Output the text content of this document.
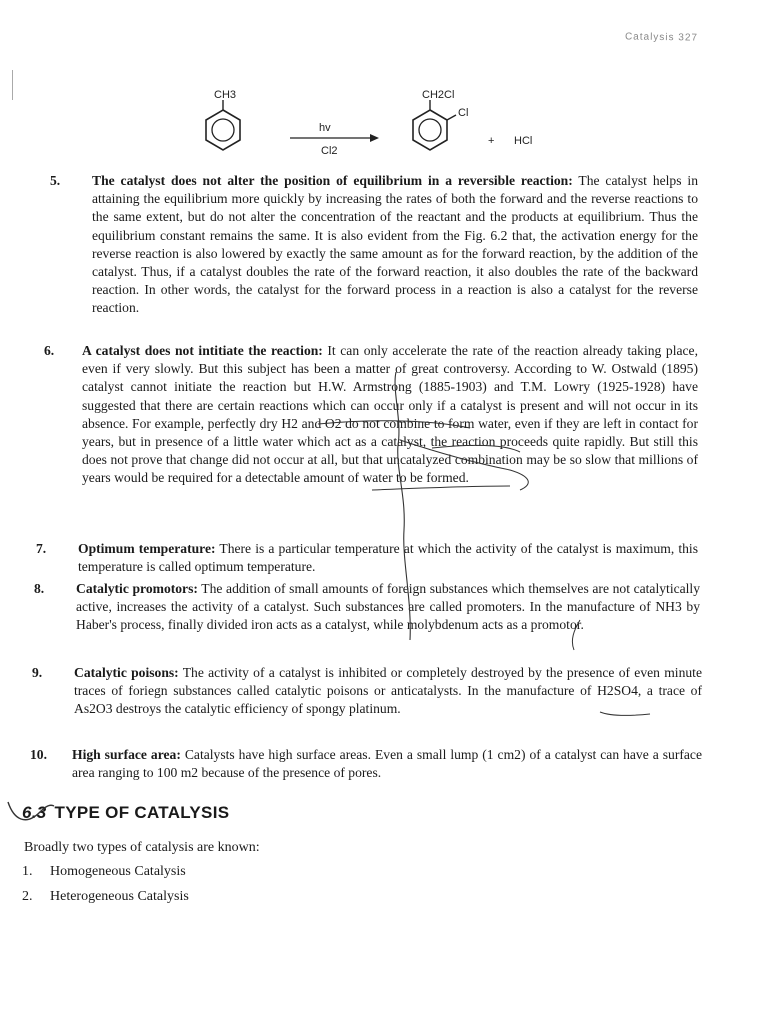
Catalysis 327
CH3
hv
Cl2
CH2Cl
Cl
+ HCl
5. The catalyst does not alter the position of equilibrium in a reversible reaction: The catalyst helps in attaining the equilibrium more quickly by increasing the rates of both the forward and the reverse reactions to the same extent, but do not alter the concentration of the reactant and the products at equilibrium. Thus the equilibrium constant remains the same. It is also evident from the Fig. 6.2 that, the activation energy for the reverse reaction is also lowered by exactly the same amount as for the forward reaction, by the addition of the catalyst. Thus, if a catalyst doubles the rate of the forward reaction, it also doubles the rate of the backward reaction. In other words, the catalyst for the forward process in a reaction is also a catalyst for the reverse reaction.
6. A catalyst does not intitiate the reaction: It can only accelerate the rate of the reaction already taking place, even if very slowly. But this subject has been a matter of great controversy. According to W. Ostwald (1895) catalyst cannot initiate the reaction but H.W. Armstrong (1885-1903) and T.M. Lowry (1925-1928) have suggested that there are certain reactions which can occur only if a catalyst is present and will not occur in its absence. For example, perfectly dry H2 and O2 do not combine to form water, even if they are left in contact for years, but in presence of a little water which act as a catalyst, the reaction proceeds quite rapidly. But still this does not prove that change did not occur at all, but that uncatalyzed combination may be so slow that millions of years would be required for a detectable amount of water to be formed.
7. Optimum temperature: There is a particular temperature at which the activity of the catalyst is maximum, this temperature is called optimum temperature.
8. Catalytic promotors: The addition of small amounts of foreign substances which themselves are not catalytically active, increases the activity of a catalyst. Such substances are called promoters. In the manufacture of NH3 by Haber's process, finally divided iron acts as a catalyst, while molybdenum acts as a promotor.
9. Catalytic poisons: The activity of a catalyst is inhibited or completely destroyed by the presence of even minute traces of foriegn substances called catalytic poisons or anticatalysts. In the manufacture of H2SO4, a trace of As2O3 destroys the catalytic efficiency of spongy platinum.
10. High surface area: Catalysts have high surface areas. Even a small lump (1 cm2) of a catalyst can have a surface area ranging to 100 m2 because of the presence of pores.
6.3 TYPE OF CATALYSIS
Broadly two types of catalysis are known:
1. Homogeneous Catalysis
2. Heterogeneous Catalysis
